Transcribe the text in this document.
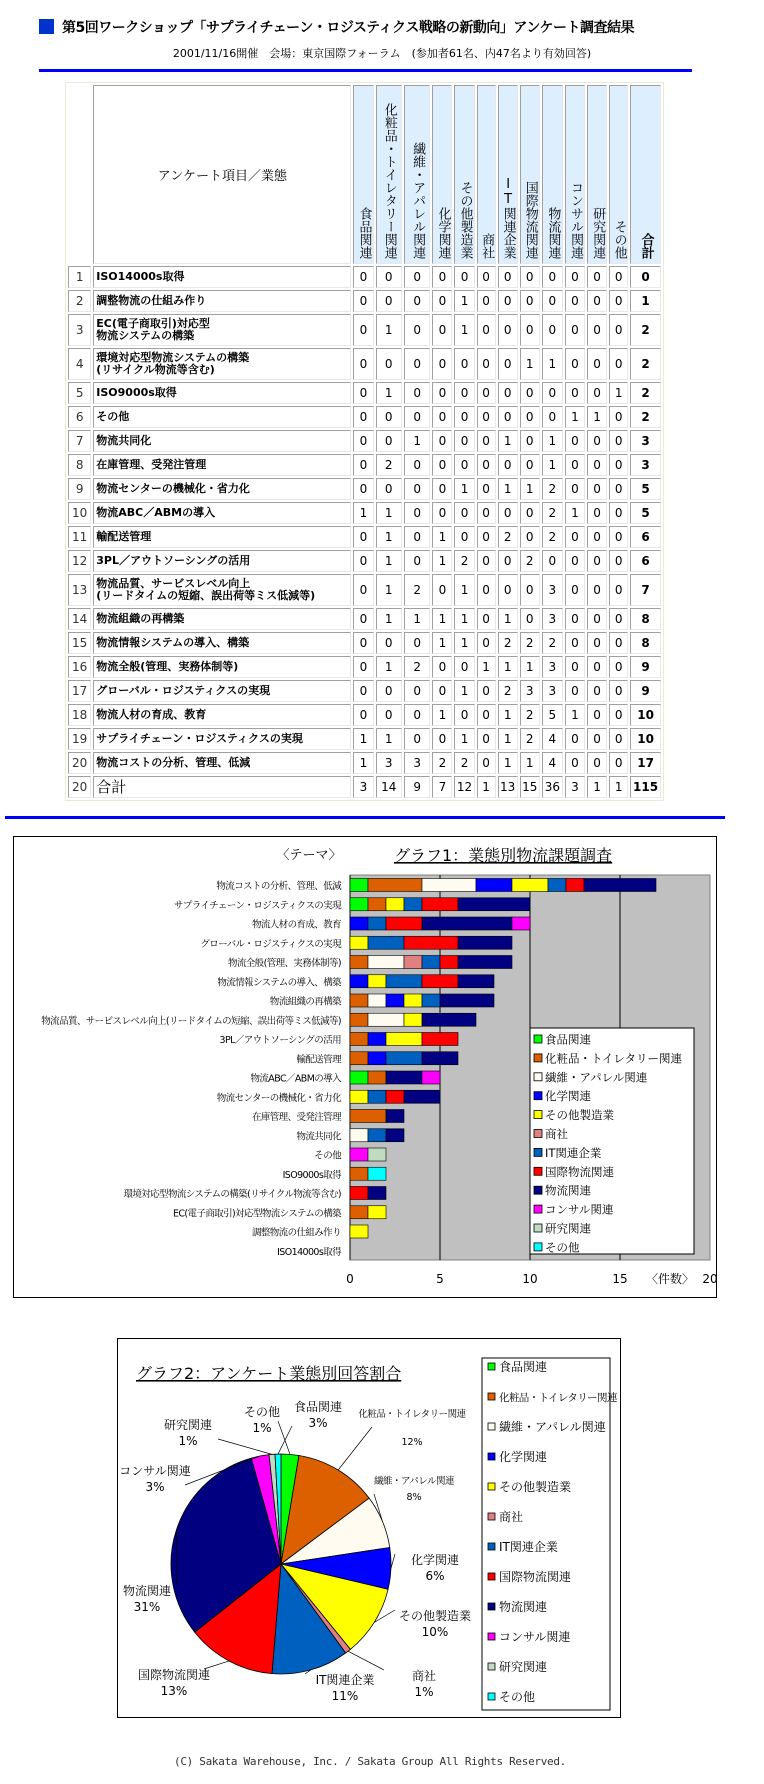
第5回ワークショップ「サプライチェーン・ロジスティクス戦略の新動向」アンケート調査結果
2001/11/16開催　会場：東京国際フォーラム　(参加者61名、内47名より有効回答)
	アンケート項目／業態	食品関連	化粧品・トイレタリー関連	繊維・アパレル関連	化学関連	その他製造業	商社	IT関連企業	国際物流関連	物流関連	コンサル関連	研究関連	その他	合計
1	ISO14000s取得	0	0	0	0	0	0	0	0	0	0	0	0	0
2	調整物流の仕組み作り	0	0	0	0	1	0	0	0	0	0	0	0	1
3	EC(電子商取引)対応型
物流システムの構築	0	1	0	0	1	0	0	0	0	0	0	0	2
4	環境対応型物流システムの構築
(リサイクル物流等含む)	0	0	0	0	0	0	0	1	1	0	0	0	2
5	ISO9000s取得	0	1	0	0	0	0	0	0	0	0	0	1	2
6	その他	0	0	0	0	0	0	0	0	0	1	1	0	2
7	物流共同化	0	0	1	0	0	0	1	0	1	0	0	0	3
8	在庫管理、受発注管理	0	2	0	0	0	0	0	0	1	0	0	0	3
9	物流センターの機械化・省力化	0	0	0	0	1	0	1	1	2	0	0	0	5
10	物流ABC／ABMの導入	1	1	0	0	0	0	0	0	2	1	0	0	5
11	輸配送管理	0	1	0	1	0	0	2	0	2	0	0	0	6
12	3PL／アウトソーシングの活用	0	1	0	1	2	0	0	2	0	0	0	0	6
13	物流品質、サービスレベル向上
(リードタイムの短縮、誤出荷等ミス低減等)	0	1	2	0	1	0	0	0	3	0	0	0	7
14	物流組織の再構築	0	1	1	1	1	0	1	0	3	0	0	0	8
15	物流情報システムの導入、構築	0	0	0	1	1	0	2	2	2	0	0	0	8
16	物流全般(管理、実務体制等)	0	1	2	0	0	1	1	1	3	0	0	0	9
17	グローバル・ロジスティクスの実現	0	0	0	0	1	0	2	3	3	0	0	0	9
18	物流人材の育成、教育	0	0	0	1	0	0	1	2	5	1	0	0	10
19	サプライチェーン・ロジスティクスの実現	1	1	0	0	1	0	1	2	4	0	0	0	10
20	物流コストの分析、管理、低減	1	3	3	2	2	0	1	1	4	0	0	0	17
20	合計	3	14	9	7	12	1	13	15	36	3	1	1	115
〈テーマ〉	グラフ1：業態別物流課題調査
物流コストの分析、管理、低減
サプライチェーン・ロジスティクスの実現
物流人材の育成、教育
グローバル・ロジスティクスの実現
物流全般(管理、実務体制等)
物流情報システムの導入、構築
物流組織の再構築
物流品質、サービスレベル向上(リードタイムの短縮、誤出荷等ミス低減等)
3PL／アウトソーシングの活用
輸配送管理
物流ABC／ABMの導入
物流センターの機械化・省力化
在庫管理、受発注管理
物流共同化
その他
ISO9000s取得
環境対応型物流システムの構築(リサイクル物流等含む)
EC(電子商取引)対応型物流システムの構築
調整物流の仕組み作り
ISO14000s取得
0	5	10	15	20
〈件数〉
食品関連
化粧品・トイレタリー関連
繊維・アパレル関連
化学関連
その他製造業
商社
IT関連企業
国際物流関連
物流関連
コンサル関連
研究関連
その他
グラフ2：アンケート業態別回答割合
食品関連
3%
化粧品・トイレタリー関連
12%
繊維・アパレル関連
8%
化学関連
6%
その他製造業
10%
商社
1%
IT関連企業
11%
国際物流関連
13%
物流関連
31%
コンサル関連
3%
研究関連
1%
その他
1%
食品関連
化粧品・トイレタリー関連
繊維・アパレル関連
化学関連
その他製造業
商社
IT関連企業
国際物流関連
物流関連
コンサル関連
研究関連
その他
(C) Sakata Warehouse, Inc. / Sakata Group All Rights Reserved.
